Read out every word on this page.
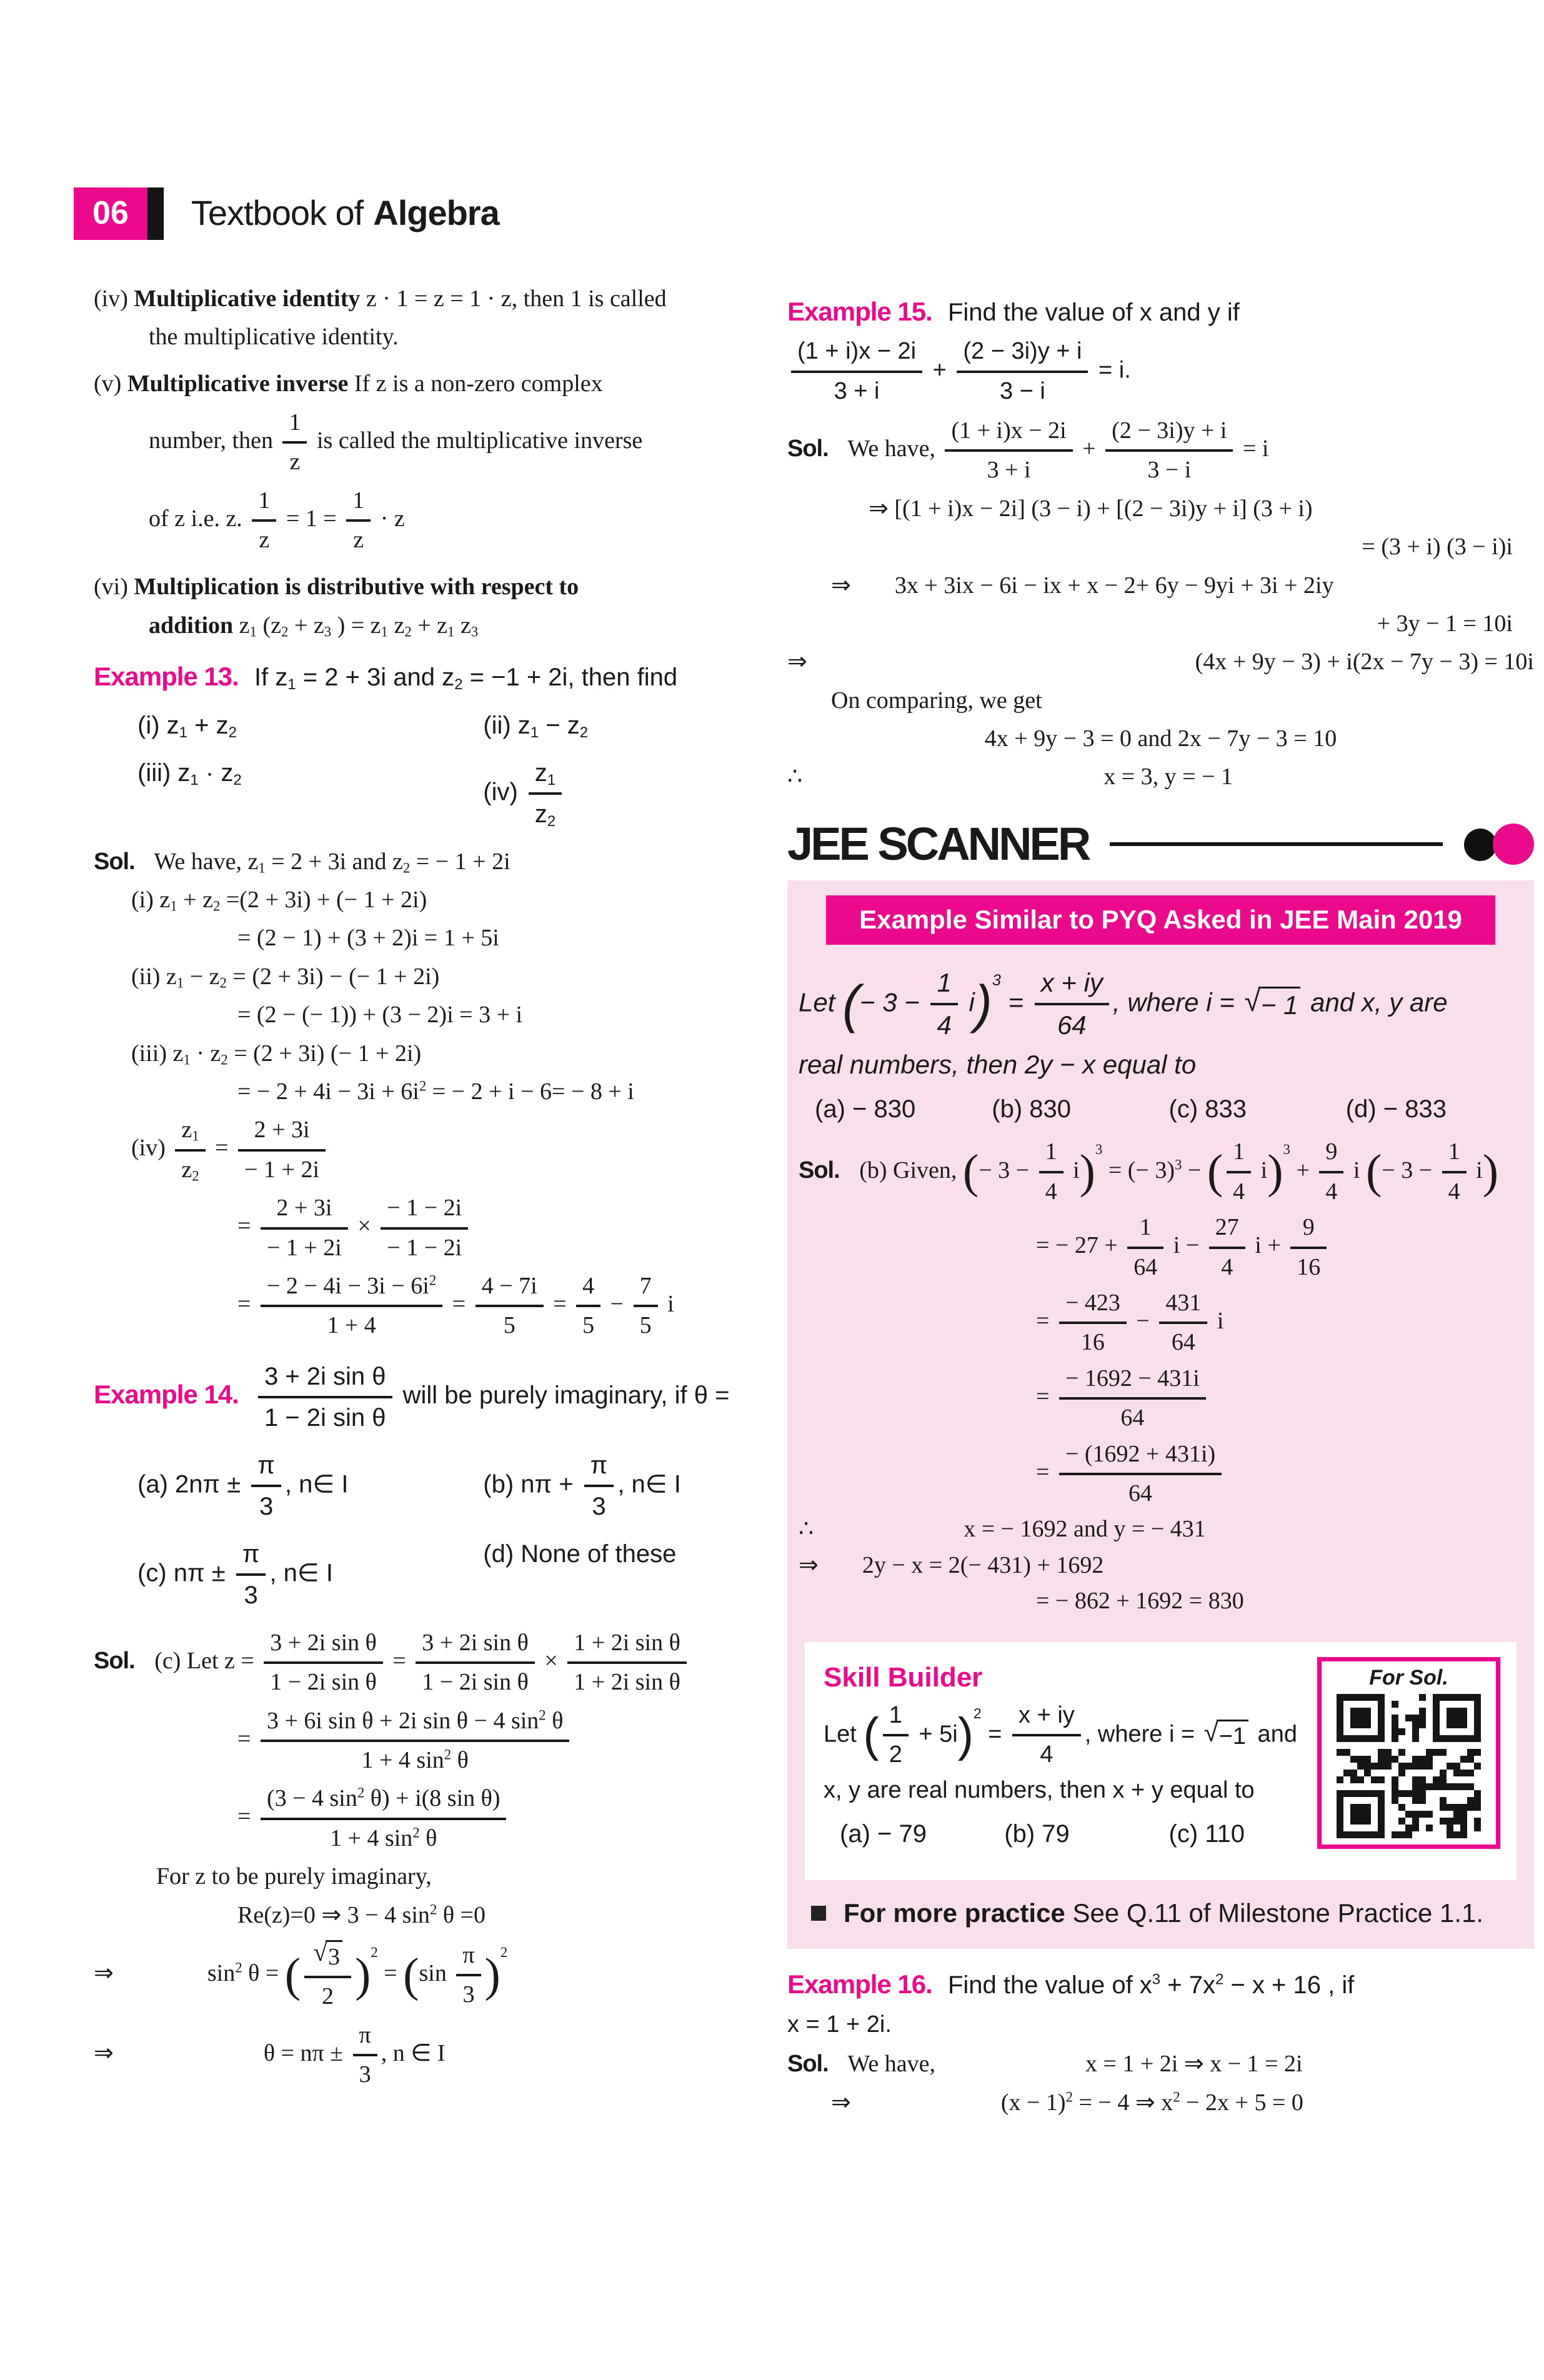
06	Textbook of Algebra

(iv) Multiplicative identity z · 1 = z = 1 · z, then 1 is called

the multiplicative identity.

(v) Multiplicative inverse If z is a non-zero complex

number, then $\frac{1}{z}$ is called the multiplicative inverse

of z i.e. z. $\frac{1}{z} = 1 = \frac{1}{z} \cdot z$

(vi) Multiplication is distributive with respect to

addition $z_1$ ($z_2 + z_3$ ) = $z_1$ $z_2 + z_1$ $z_3$

Example 13. If $z_1 = 2 + 3i$ and $z_2 = -1 + 2i$, then find

(i) $z_1 + z_2$	(ii) $z_1 - z_2$

(iii) $z_1 \cdot z_2$	$(iv) \frac{z_1}{z_2}$

Sol. We have, $z_1 = 2 + 3i$ and $z_2$ = − 1 + 2i

(i) $z_1 + z_2 =(2 + 3i)$ + (− 1 + 2i)

= (2 − 1) + (3 + 2)i = 1 + 5i

(ii) $z_1 - z_2 = (2 + 3i)$ − (− 1 + 2i)

= (2 − (− 1)) + (3 − 2)i = 3 + i

(iii) $z_1 \cdot z_2 = (2 + 3i)$ (− 1 + 2i)

= − $2 + 4i - 3i + 6i^2$ = − 2 + i − 6= − 8 + i

$(iv) \frac{z_1}{z_2} = \frac{2 + 3i}{- 1 + 2i}$

= $\frac{2 + 3i}{- 1 + 2i} \times \frac{- 1 - 2i}{- 1 - 2i}$

= $\frac{- 2 - 4i - 3i - 6i^2}{1 + 4} = \frac{4 - 7i}{5} = \frac{4}{5} - \frac{7}{5}$ i

Example 14. $\frac{\text{3 + 2i sin θ}}{\text{1 − 2i sin θ}}$ will be purely imaginary, if θ =

(a) $2n\pi \pm \frac{\pi}{3}$ , n∈ I	(b) $n\pi + \frac{\pi}{3}$ , n∈ I

(c) $n\pi \pm \frac{\pi}{3}$ , n∈ I

(d) None of these

Sol. (c) Let $z = \frac{\text{3 + 2i sin θ}}{\text{1 − 2i sin θ}} = \frac{\text{3 + 2i sin θ}}{\text{1 − 2i sin θ}} \times \frac{\text{1 + 2i sin θ}}{\text{1 + 2i sin θ}}$

= $\frac{3 + 6i \sin \theta + 2i \sin \theta - 4 \sin^2 \theta}{1 + 4 \sin^2 \theta}$

= $\frac{(3 - 4 \sin^2 \theta) + i(8 \sin \theta)}{1 + 4 \sin^2 \theta}$

For z to be purely imaginary,

Re(z)=0 ⇒ 3 − 4 $\sin^2 \theta =0$

⇒	$\sin^2 \theta$ = ( $\frac{√ 3}{2} )^2 = (\sin \frac{\pi}{3} )^2$

⇒	$\theta = n\pi \pm \frac{\pi}{3}$ , n ∈ I

Example 15. Find the value of x and y if

$\frac{(1 + i)x - 2i}{3 + i} + \frac{(2 - 3i)y + i}{3 - i} = i$.

Sol. We have, $\frac{(1 + i)x - 2i}{3 + i} + \frac{(2 - 3i)y + i}{3 - i} = i$

⇒ [(1 + i)x − 2i] (3 − i) + [(2 − 3i)y + i] (3 + i)

= (3 + i) (3 − i)i

⇒ 3x + 3ix − 6i − ix + x − 2+ 6y − 9yi + 3i + 2iy

+ 3y − 1 = 10i

⇒	(4x + 9y − 3) + i(2x − 7y − 3) = 10i

On comparing, we get

4x + 9y − 3 = 0 and 2x − 7y − 3 = 10

∴	x = 3, y = − 1

JEE SCANNER
Example Similar to PYQ Asked in JEE Main 2019

Let (− $3 - \frac{1}{4} i)^3 = \frac{x + iy}{64}$ , where i = √ − 1 and x, y are

real numbers, then 2y − x equal to

(a) − 830	(b) 830	(c) 833	(d) − 833

Sol. (b) Given, (− $3 - \frac{1}{4} i)^3$ = (− 3)$^3$ − ( $\frac{1}{4} i)^3 + \frac{9}{4}$ i (− $3 - \frac{1}{4} i$)

= − $27 + \frac{1}{64}$ $i - \frac{27}{4}$ $i + \frac{9}{16}$

= $\frac{- 423}{16} - \frac{431}{64}$ i

= $\frac{- 1692 - 431i}{64}$

= $\frac{- (1692 + 431i)}{64}$

∴	x = − 1692 and y = − 431

⇒ 2y − x = 2(− 431) + 1692

= − 862 + 1692 = 830

For Sol.
Skill Builder

Let ( $\frac{1}{2} + 5i)^2 = \frac{x + iy}{4}$ , where i = √ −1 and

x, y are real numbers, then x + y equal to

(a) − 79	(b) 79	(c) 110

For more practice See Q.11 of Milestone Practice 1.1.

Example 16. Find the value of $x^3 + 7x^2 - x + 16$ , if

x = 1 + 2i.

Sol. We have,	x = 1 + 2i ⇒ x − 1 = 2i

⇒	$(x - 1)^2$ = − 4 ⇒ $x^2 - 2x + 5 = 0$
